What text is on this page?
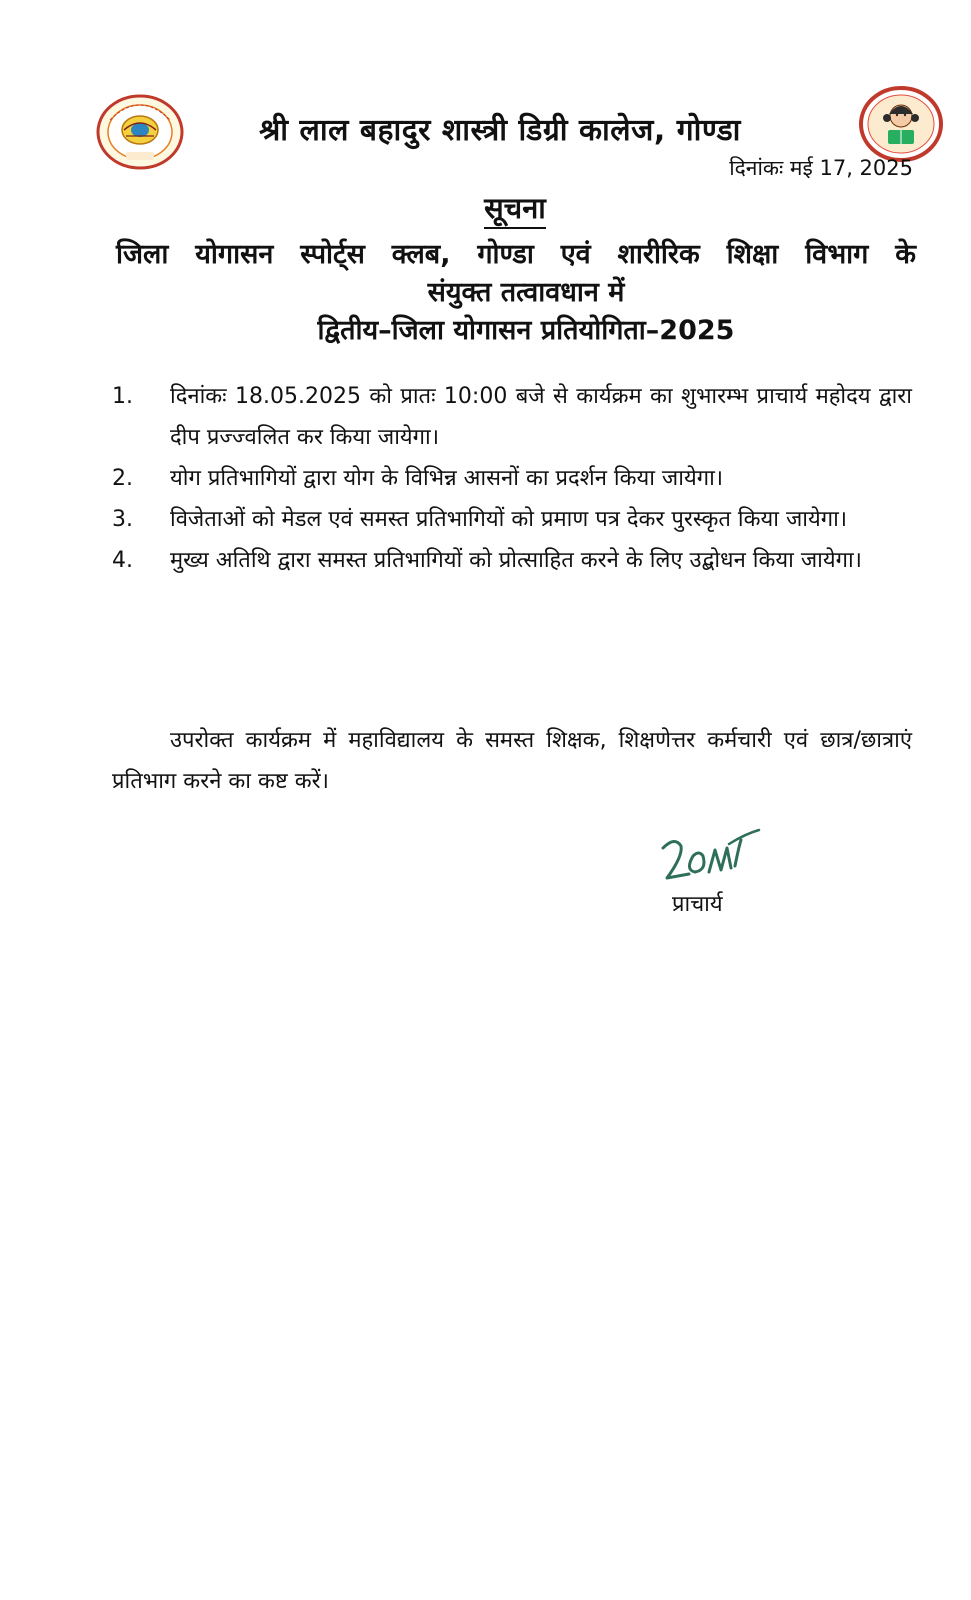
श्री लाल बहादुर शास्त्री डिग्री कालेज, गोण्डा
दिनांकः मई 17, 2025
सूचना
जिला योगासन स्पोर्ट्स क्लब, गोण्डा एवं शारीरिक शिक्षा विभाग के
संयुक्त तत्वावधान में
द्वितीय–जिला योगासन प्रतियोगिता–2025
1.	दिनांकः 18.05.2025 को प्रातः 10:00 बजे से कार्यक्रम का शुभारम्भ प्राचार्य महोदय द्वारा दीप प्रज्ज्वलित कर किया जायेगा।
2.	योग प्रतिभागियों द्वारा योग के विभिन्न आसनों का प्रदर्शन किया जायेगा।
3.	विजेताओं को मेडल एवं समस्त प्रतिभागियों को प्रमाण पत्र देकर पुरस्कृत किया जायेगा।
4.	मुख्य अतिथि द्वारा समस्त प्रतिभागियों को प्रोत्साहित करने के लिए उद्बोधन किया जायेगा।
उपरोक्त कार्यक्रम में महाविद्यालय के समस्त शिक्षक, शिक्षणेत्तर कर्मचारी एवं छात्र/छात्राएं प्रतिभाग करने का कष्ट करें।
प्राचार्य
